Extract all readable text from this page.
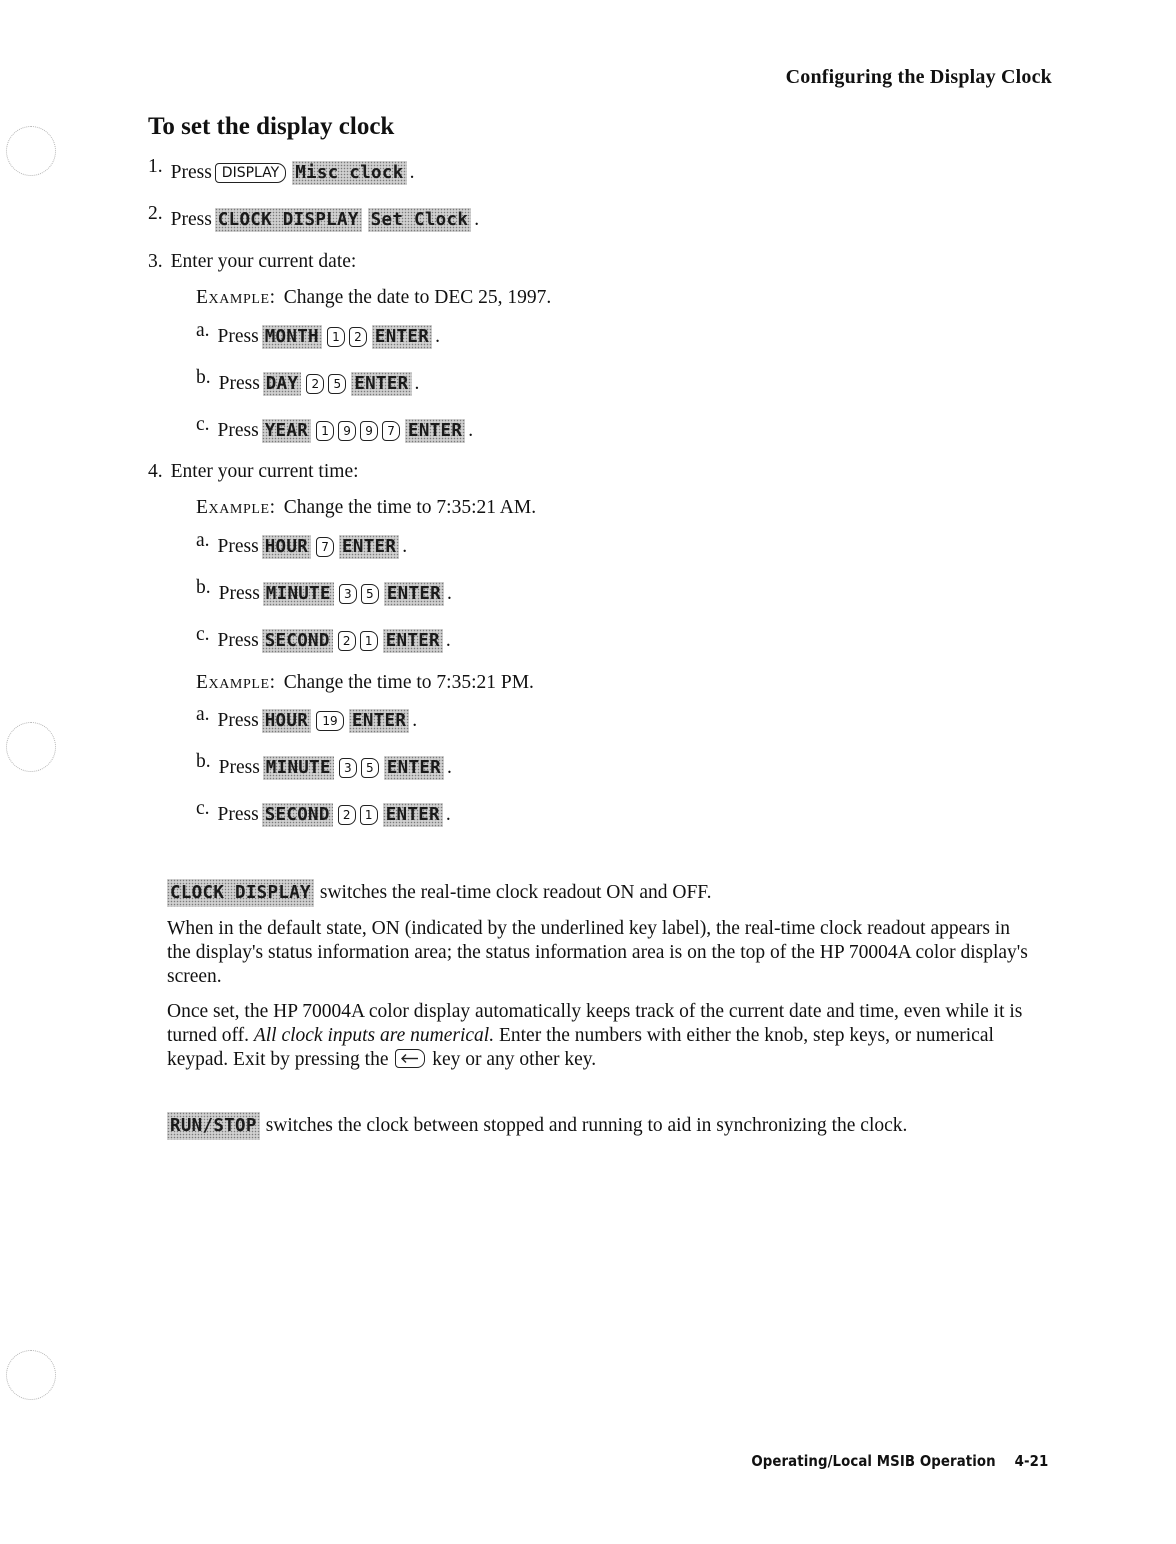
Configuring the Display Clock
To set the display clock
1. Press DISPLAY Misc clock .
2. Press CLOCK DISPLAY Set Clock .
3. Enter your current date:
Example: Change the date to DEC 25, 1997.
a. Press MONTH	1	2 ENTER .
b. Press DAY	2	5 ENTER .
c. Press YEAR	1	9	9	7 ENTER .
4. Enter your current time:
Example: Change the time to 7:35:21 AM.
a. Press HOUR	7 ENTER .
b. Press MINUTE	3	5 ENTER .
c. Press SECOND	2	1 ENTER .
Example: Change the time to 7:35:21 PM.
a. Press HOUR	19 ENTER .
b. Press MINUTE	3	5 ENTER .
c. Press SECOND	2	1 ENTER .

CLOCK DISPLAY switches the real-time clock readout ON and OFF.

When in the default state, ON (indicated by the underlined key label), the real-time clock readout appears in the display's status information area; the status information area is on the top of the HP 70004A color display's screen.

Once set, the HP 70004A color display automatically keeps track of the current date and time, even while it is turned off. All clock inputs are numerical. Enter the numbers with either the knob, step keys, or numerical keypad. Exit by pressing the key or any other key.

RUN/STOP switches the clock between stopped and running to aid in synchronizing the clock.

Operating/Local MSIB Operation 4-21
